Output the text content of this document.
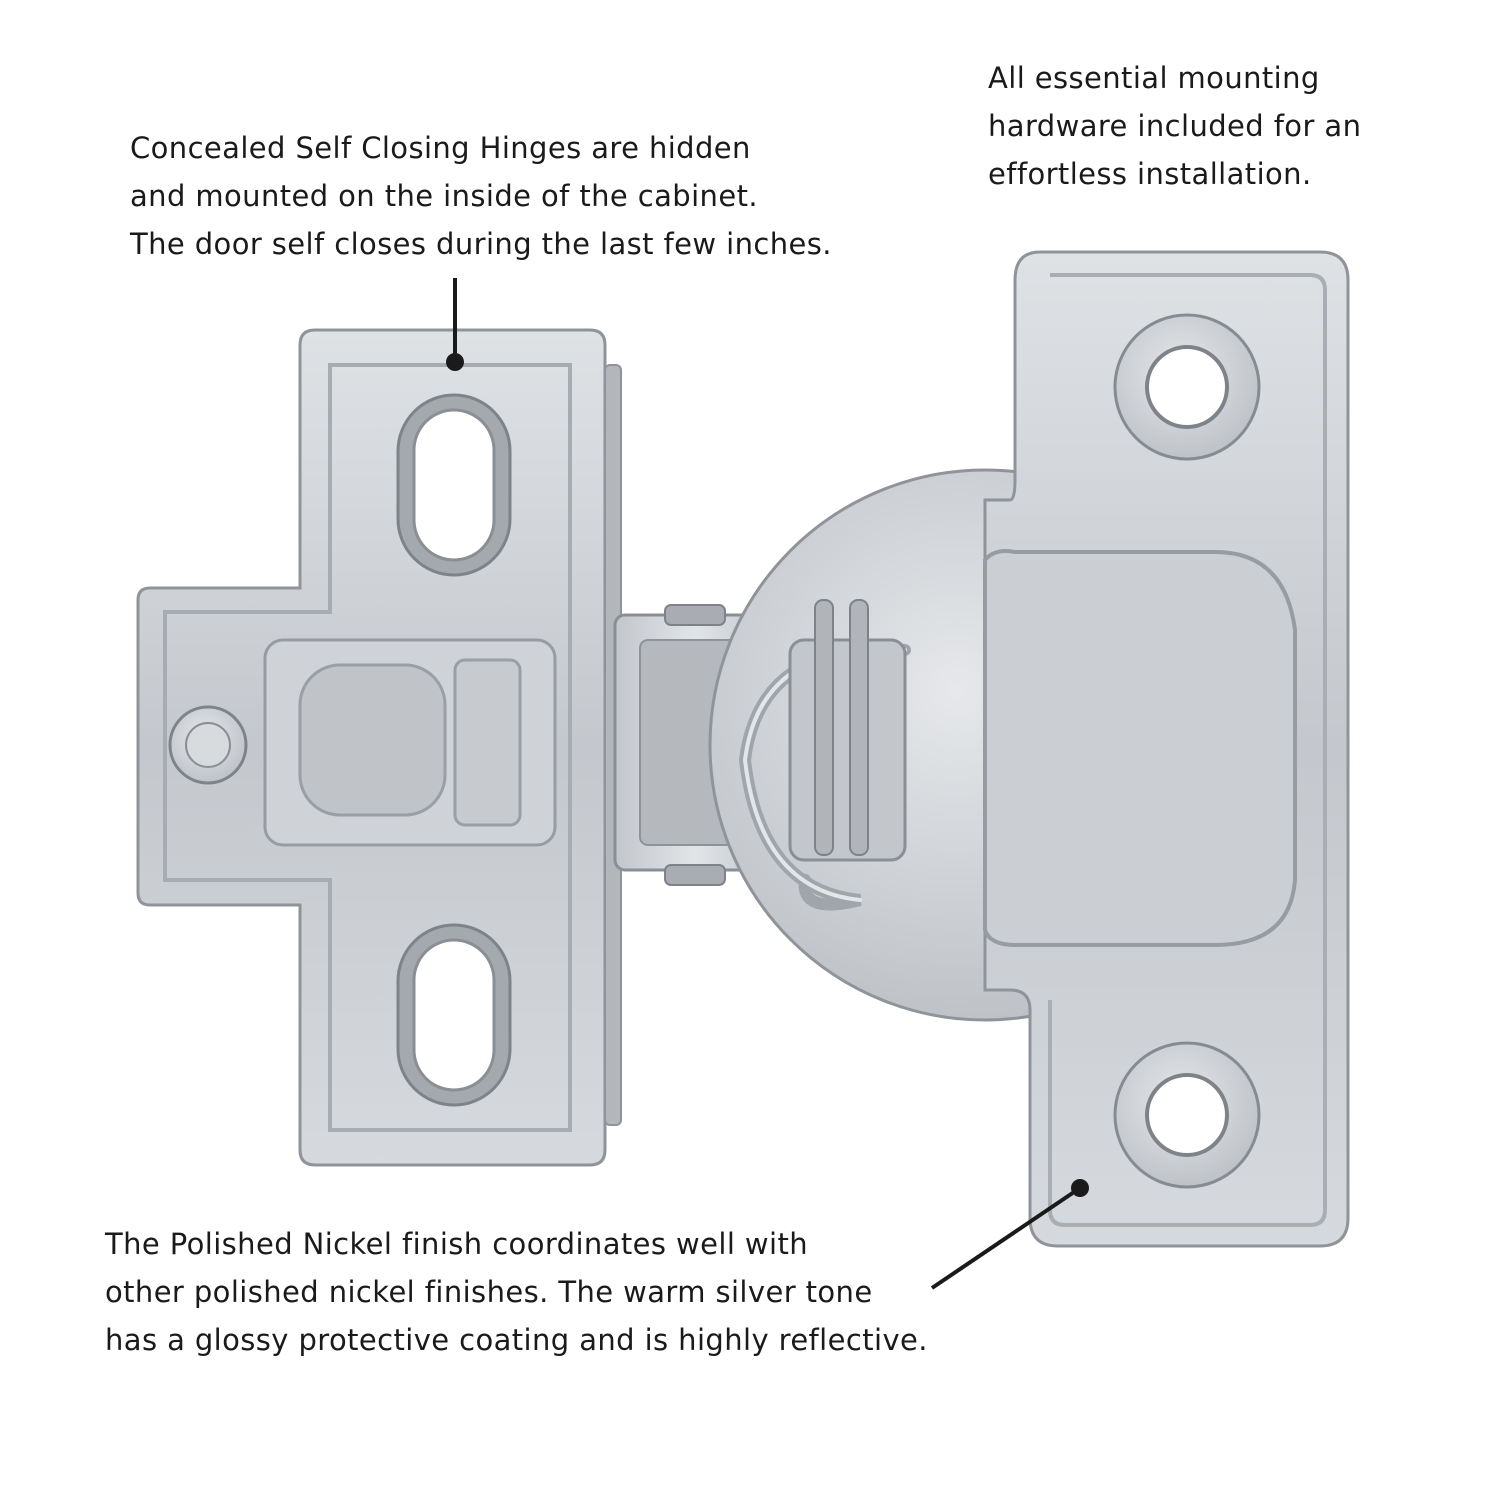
Concealed Self Closing Hinges are hidden
and mounted on the inside of the cabinet.
The door self closes during the last few inches.

All essential mounting
hardware included for an
effortless installation.

The Polished Nickel finish coordinates well with
other polished nickel finishes. The warm silver tone
has a glossy protective coating and is highly reflective.
